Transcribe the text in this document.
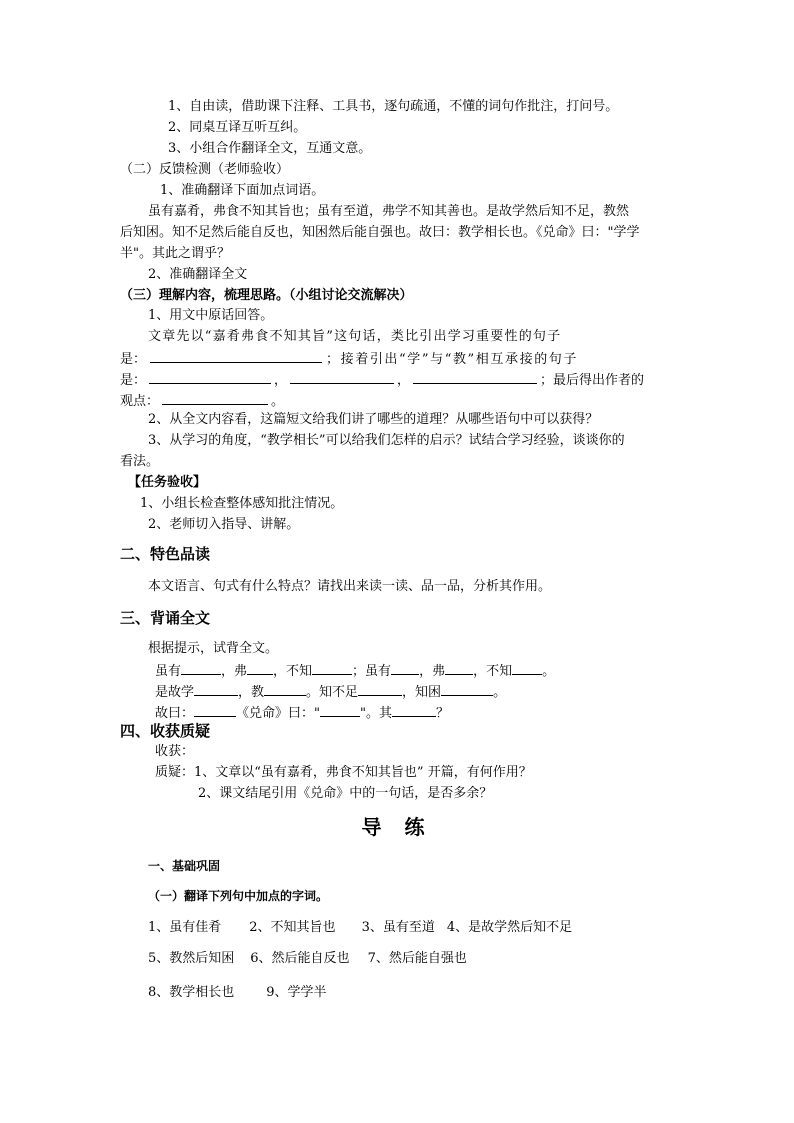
1、自由读，借助课下注释、工具书，逐句疏通，不懂的词句作批注，打问号。
2、同桌互译互听互纠。
3、小组合作翻译全文，互通文意。
（二）反馈检测（老师验收）
1、准确翻译下面加点词语。
虽有嘉肴，弗食不知其旨也；虽有至道，弗学不知其善也。是故学然后知不足，教然
后知困。知不足然后能自反也，知困然后能自强也。故曰：教学相长也。《兑命》曰："学学
半"。其此之谓乎？
2、准确翻译全文
（三）理解内容，梳理思路。（小组讨论交流解决）
1、用文中原话回答。
文章先以“嘉肴弗食不知其旨”这句话，类比引出学习重要性的句子
是：	；接着引出“学”与“教”相互承接的句子
是：	，	，	；最后得出作者的
观点：	。
2、从全文内容看，这篇短文给我们讲了哪些的道理？从哪些语句中可以获得？
3、从学习的角度，“教学相长”可以给我们怎样的启示？试结合学习经验，谈谈你的
看法。
【任务验收】
1、小组长检查整体感知批注情况。
2、老师切入指导、讲解。
二、特色品读
本文语言、句式有什么特点？请找出来读一读、品一品，分析其作用。
三、背诵全文
根据提示，试背全文。
虽有	，弗 ，不知	；虽有 ，弗 ，不知 。
是故学	，教	。知不足	，知困	。
故曰：	《兑命》曰："	"。其	？
四、收获质疑
收获：
质疑：1、文章以“虽有嘉肴，弗食不知其旨也” 开篇，有何作用？
2、课文结尾引用《兑命》中的一句话，是否多余？
导 练
一、基础巩固
（一）翻译下列句中加点的字词。
1、虽有佳肴 2、不知其旨也 3、虽有至道 4、是故学然后知不足
5、教然后知困 6、然后能自反也 7、然后能自强也
8、教学相长也 9、学学半
